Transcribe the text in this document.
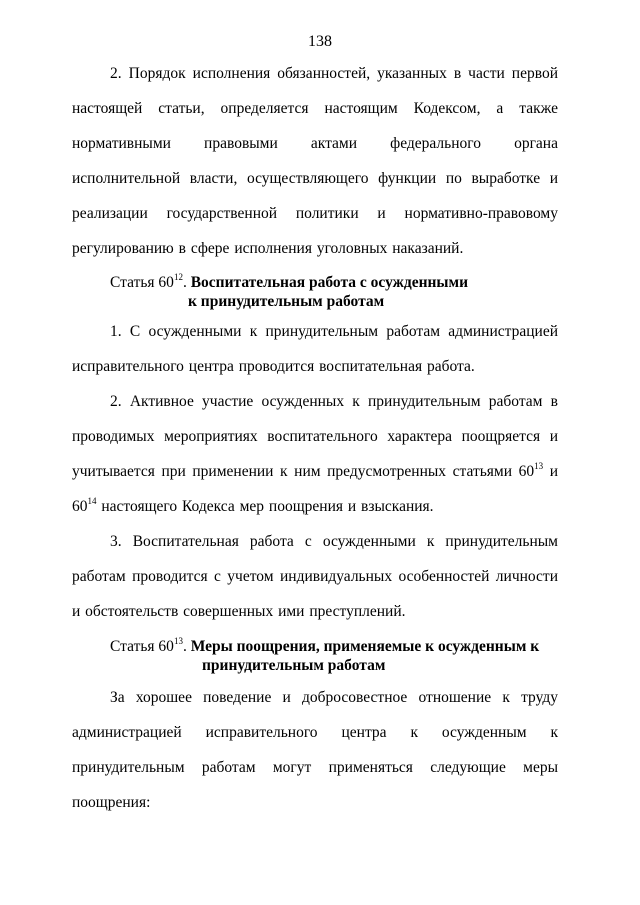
138

2. Порядок исполнения обязанностей, указанных в части первой настоящей статьи, определяется настоящим Кодексом, а также нормативными правовыми актами федерального органа исполнительной власти, осуществляющего функции по выработке и реализации государственной политики и нормативно-правовому регулированию в сфере исполнения уголовных наказаний.

Статья $60^{12}$. Воспитательная работа с осужденными
к принудительным работам

1. С осужденными к принудительным работам администрацией исправительного центра проводится воспитательная работа.

2. Активное участие осужденных к принудительным работам в проводимых мероприятиях воспитательного характера поощряется и учитывается при применении к ним предусмотренных статьями $60^{13}$ и $60^{14}$ настоящего Кодекса мер поощрения и взыскания.

3. Воспитательная работа с осужденными к принудительным работам проводится с учетом индивидуальных особенностей личности и обстоятельств совершенных ими преступлений.

Статья $60^{13}$. Меры поощрения, применяемые к осужденным к
принудительным работам

За хорошее поведение и добросовестное отношение к труду администрацией исправительного центра к осужденным к принудительным работам могут применяться следующие меры поощрения:
